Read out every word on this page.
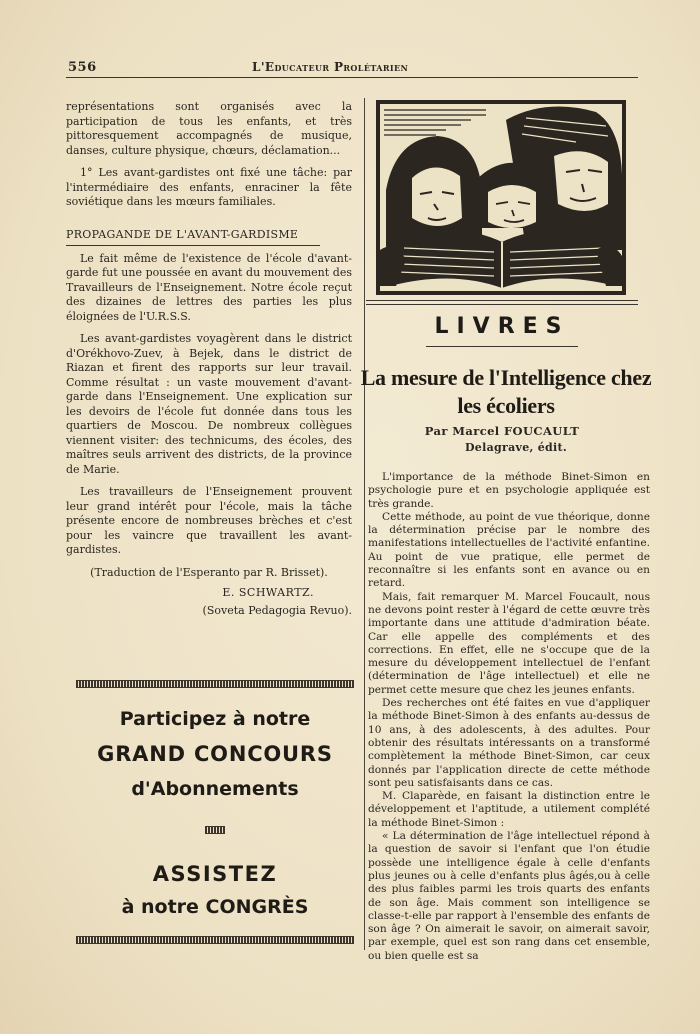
556	L'Educateur Prolétarien

représentations sont organisés avec la participation de tous les enfants, et très pittoresquement accompagnés de musique, danses, culture physique, chœurs, déclamation...

1° Les avant-gardistes ont fixé une tâche: par l'intermédiaire des enfants, enraciner la fête soviétique dans les mœurs familiales.

PROPAGANDE DE L'AVANT-GARDISME

Le fait même de l'existence de l'école d'avant-garde fut une poussée en avant du mouvement des Travailleurs de l'Enseignement. Notre école reçut des dizaines de lettres des parties les plus éloignées de l'U.R.S.S.

Les avant-gardistes voyagèrent dans le district d'Orékhovo-Zuev, à Bejek, dans le district de Riazan et firent des rapports sur leur travail. Comme résultat : un vaste mouvement d'avant-garde dans l'Enseignement. Une explication sur les devoirs de l'école fut donnée dans tous les quartiers de Moscou. De nombreux collègues viennent visiter: des technicums, des écoles, des maîtres seuls arrivent des districts, de la province de Marie.

Les travailleurs de l'Enseignement prouvent leur grand intérêt pour l'école, mais la tâche présente encore de nombreuses brèches et c'est pour les vaincre que travaillent les avant-gardistes.

(Traduction de l'Esperanto par R. Brisset).
E. SCHWARTZ.
(Soveta Pedagogia Revuo).
Participez à notre
GRAND CONCOURS
d'Abonnements
ASSISTEZ
à notre CONGRÈS
LIVRES
La mesure de l'Intelligence chez les écoliers
Par Marcel FOUCAULT
Delagrave, édit.

L'importance de la méthode Binet-Simon en psychologie pure et en psychologie appliquée est très grande.

Cette méthode, au point de vue théorique, donne la détermination précise par le nombre des manifestations intellectuelles de l'activité enfantine. Au point de vue pratique, elle permet de reconnaître si les enfants sont en avance ou en retard.

Mais, fait remarquer M. Marcel Foucault, nous ne devons point rester à l'égard de cette œuvre très importante dans une attitude d'admiration béate. Car elle appelle des compléments et des corrections. En effet, elle ne s'occupe que de la mesure du développement intellectuel de l'enfant (détermination de l'âge intellectuel) et elle ne permet cette mesure que chez les jeunes enfants.

Des recherches ont été faites en vue d'appliquer la méthode Binet-Simon à des enfants au-dessus de 10 ans, à des adolescents, à des adultes. Pour obtenir des résultats intéressants on a transformé complètement la méthode Binet-Simon, car ceux donnés par l'application directe de cette méthode sont peu satisfaisants dans ce cas.

M. Claparède, en faisant la distinction entre le développement et l'aptitude, a utilement complété la méthode Binet-Simon :

« La détermination de l'âge intellectuel répond à la question de savoir si l'enfant que l'on étudie possède une intelligence égale à celle d'enfants plus jeunes ou à celle d'enfants plus âgés,ou à celle des plus faibles parmi les trois quarts des enfants de son âge. Mais comment son intelligence se classe-t-elle par rapport à l'ensemble des enfants de son âge ? On aimerait le savoir, on aimerait savoir, par exemple, quel est son rang dans cet ensemble, ou bien quelle est sa
